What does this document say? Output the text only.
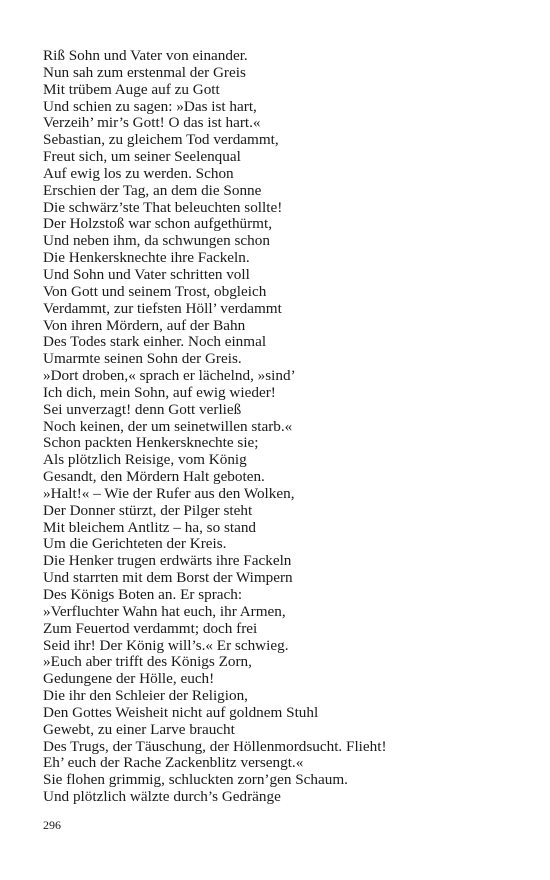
Riß Sohn und Vater von einander.
Nun sah zum erstenmal der Greis
Mit trübem Auge auf zu Gott
Und schien zu sagen: »Das ist hart,
Verzeih’ mir’s Gott! O das ist hart.«
Sebastian, zu gleichem Tod verdammt,
Freut sich, um seiner Seelenqual
Auf ewig los zu werden. Schon
Erschien der Tag, an dem die Sonne
Die schwärz’ste That beleuchten sollte!
Der Holzstoß war schon aufgethürmt,
Und neben ihm, da schwungen schon
Die Henkersknechte ihre Fackeln.
Und Sohn und Vater schritten voll
Von Gott und seinem Trost, obgleich
Verdammt, zur tiefsten Höll’ verdammt
Von ihren Mördern, auf der Bahn
Des Todes stark einher. Noch einmal
Umarmte seinen Sohn der Greis.
»Dort droben,« sprach er lächelnd, »sind’
Ich dich, mein Sohn, auf ewig wieder!
Sei unverzagt! denn Gott verließ
Noch keinen, der um seinetwillen starb.«
Schon packten Henkersknechte sie;
Als plötzlich Reisige, vom König
Gesandt, den Mördern Halt geboten.
»Halt!« – Wie der Rufer aus den Wolken,
Der Donner stürzt, der Pilger steht
Mit bleichem Antlitz – ha, so stand
Um die Gerichteten der Kreis.
Die Henker trugen erdwärts ihre Fackeln
Und starrten mit dem Borst der Wimpern
Des Königs Boten an. Er sprach:
»Verfluchter Wahn hat euch, ihr Armen,
Zum Feuertod verdammt; doch frei
Seid ihr! Der König will’s.« Er schwieg.
»Euch aber trifft des Königs Zorn,
Gedungene der Hölle, euch!
Die ihr den Schleier der Religion,
Den Gottes Weisheit nicht auf goldnem Stuhl
Gewebt, zu einer Larve braucht
Des Trugs, der Täuschung, der Höllenmordsucht. Flieht!
Eh’ euch der Rache Zackenblitz versengt.«
Sie flohen grimmig, schluckten zorn’gen Schaum.
Und plötzlich wälzte durch’s Gedränge
296
